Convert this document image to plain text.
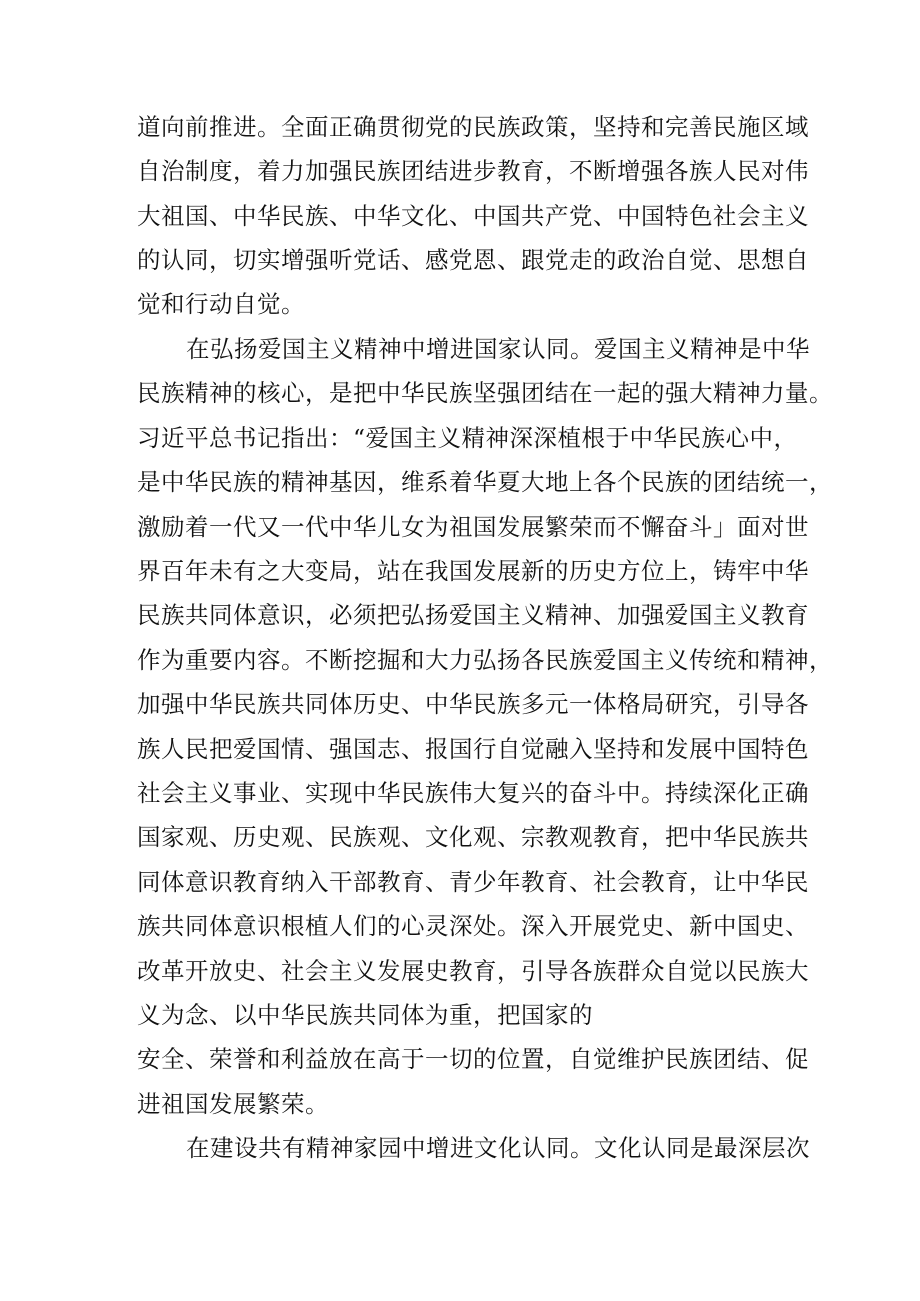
道向前推进。全面正确贯彻党的民族政策，坚持和完善民施区域
自治制度，着力加强民族团结进步教育，不断增强各族人民对伟
大祖国、中华民族、中华文化、中国共产党、中国特色社会主义
的认同，切实增强听党话、感党恩、跟党走的政治自觉、思想自
觉和行动自觉。
在弘扬爱国主义精神中增进国家认同。爱国主义精神是中华
民族精神的核心，是把中华民族坚强团结在一起的强大精神力量。
习近平总书记指出：“爱国主义精神深深植根于中华民族心中，
是中华民族的精神基因，维系着华夏大地上各个民族的团结统一，
激励着一代又一代中华儿女为祖国发展繁荣而不懈奋斗」面对世
界百年未有之大变局，站在我国发展新的历史方位上，铸牢中华
民族共同体意识，必须把弘扬爱国主义精神、加强爱国主义教育
作为重要内容。不断挖掘和大力弘扬各民族爱国主义传统和精神，
加强中华民族共同体历史、中华民族多元一体格局研究，引导各
族人民把爱国情、强国志、报国行自觉融入坚持和发展中国特色
社会主义事业、实现中华民族伟大复兴的奋斗中。持续深化正确
国家观、历史观、民族观、文化观、宗教观教育，把中华民族共
同体意识教育纳入干部教育、青少年教育、社会教育，让中华民
族共同体意识根植人们的心灵深处。深入开展党史、新中国史、
改革开放史、社会主义发展史教育，引导各族群众自觉以民族大
义为念、以中华民族共同体为重，把国家的
安全、荣誉和利益放在高于一切的位置，自觉维护民族团结、促
进祖国发展繁荣。
在建设共有精神家园中增进文化认同。文化认同是最深层次
